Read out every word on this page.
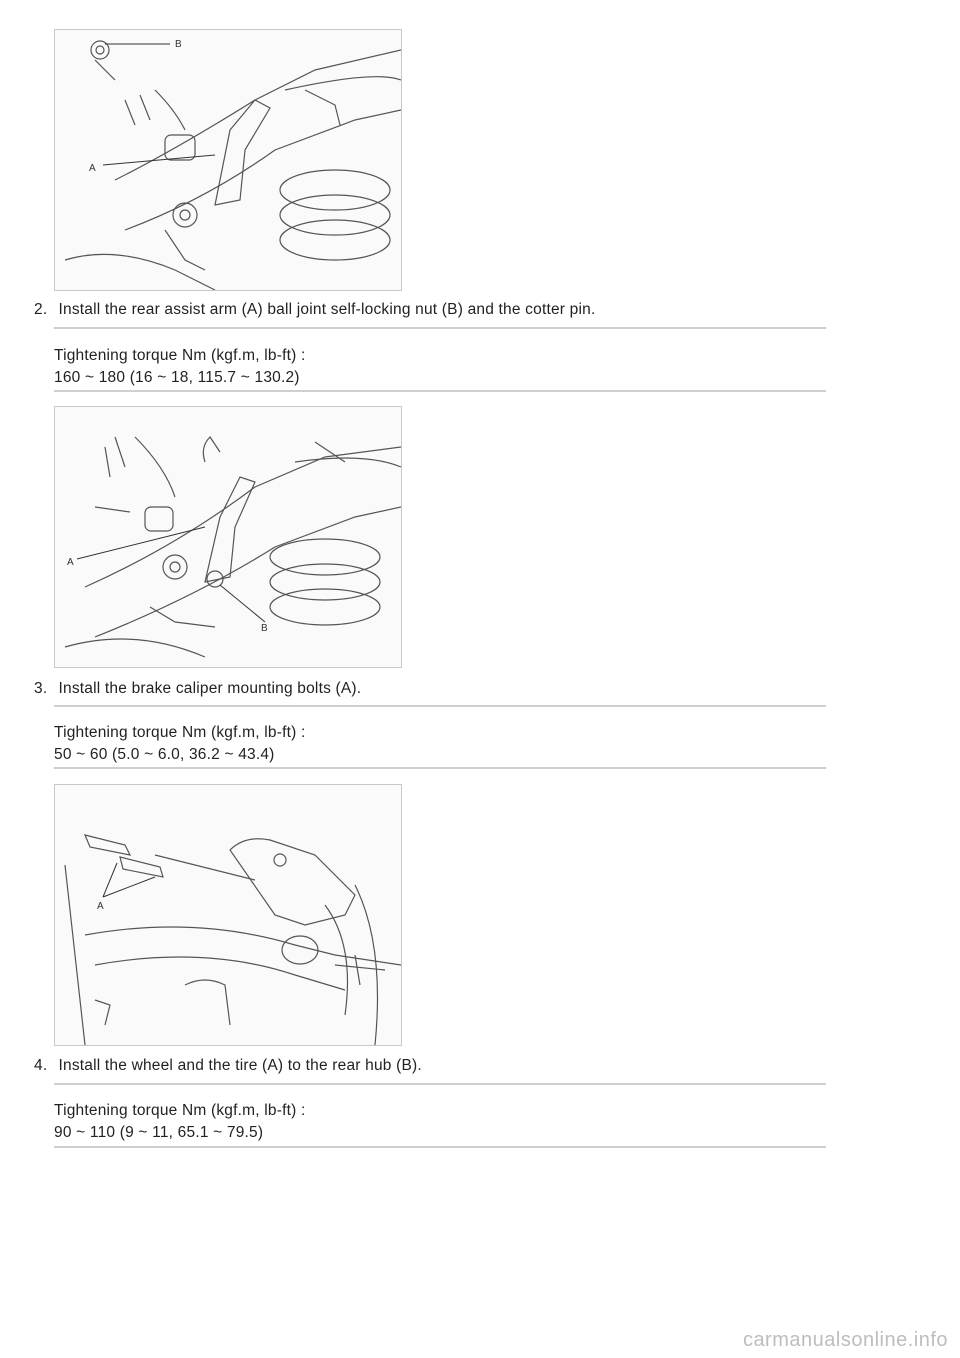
B
A
2. Install the rear assist arm (A) ball joint self-locking nut (B) and the cotter pin.
Tightening torque Nm (kgf.m, lb-ft) :
160 ~ 180 (16 ~ 18, 115.7 ~ 130.2)
A
B
3. Install the brake caliper mounting bolts (A).
Tightening torque Nm (kgf.m, lb-ft) :
50 ~ 60 (5.0 ~ 6.0, 36.2 ~ 43.4)
A
4. Install the wheel and the tire (A) to the rear hub (B).
Tightening torque Nm (kgf.m, lb-ft) :
90 ~ 110 (9 ~ 11, 65.1 ~ 79.5)
carmanualsonline.info
